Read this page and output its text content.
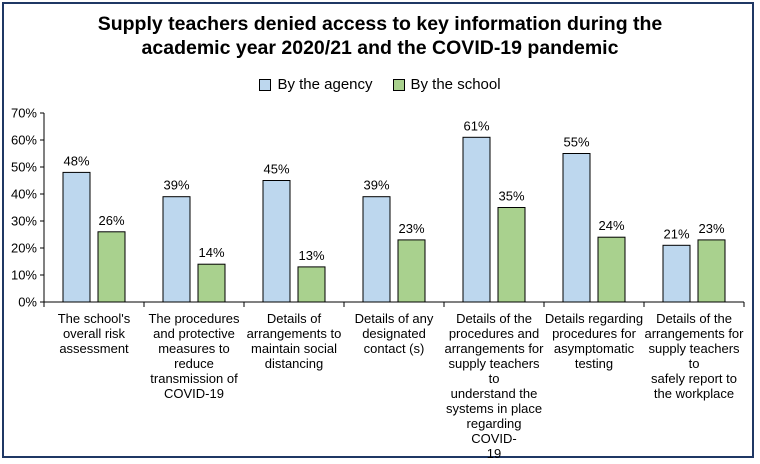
Supply teachers denied access to key information during the
academic year 2020/21 and the COVID-19 pandemic
By the agency	By the school
0%
10%
20%
30%
40%
50%
60%
70%
48%
26%
39%
14%
45%
13%
39%
23%
61%
35%
55%
24%
21% 23%
The school's
overall risk
assessment
The procedures
and protective
measures to
reduce
transmission of
COVID-19
Details of
arrangements to
maintain social
distancing
Details of any
designated
contact (s)
Details of the
procedures and
arrangements for
supply teachers to
understand the
systems in place
regarding COVID-
19
Details regarding
procedures for
asymptomatic
testing
Details of the
arrangements for
supply teachers to
safely report to
the workplace
